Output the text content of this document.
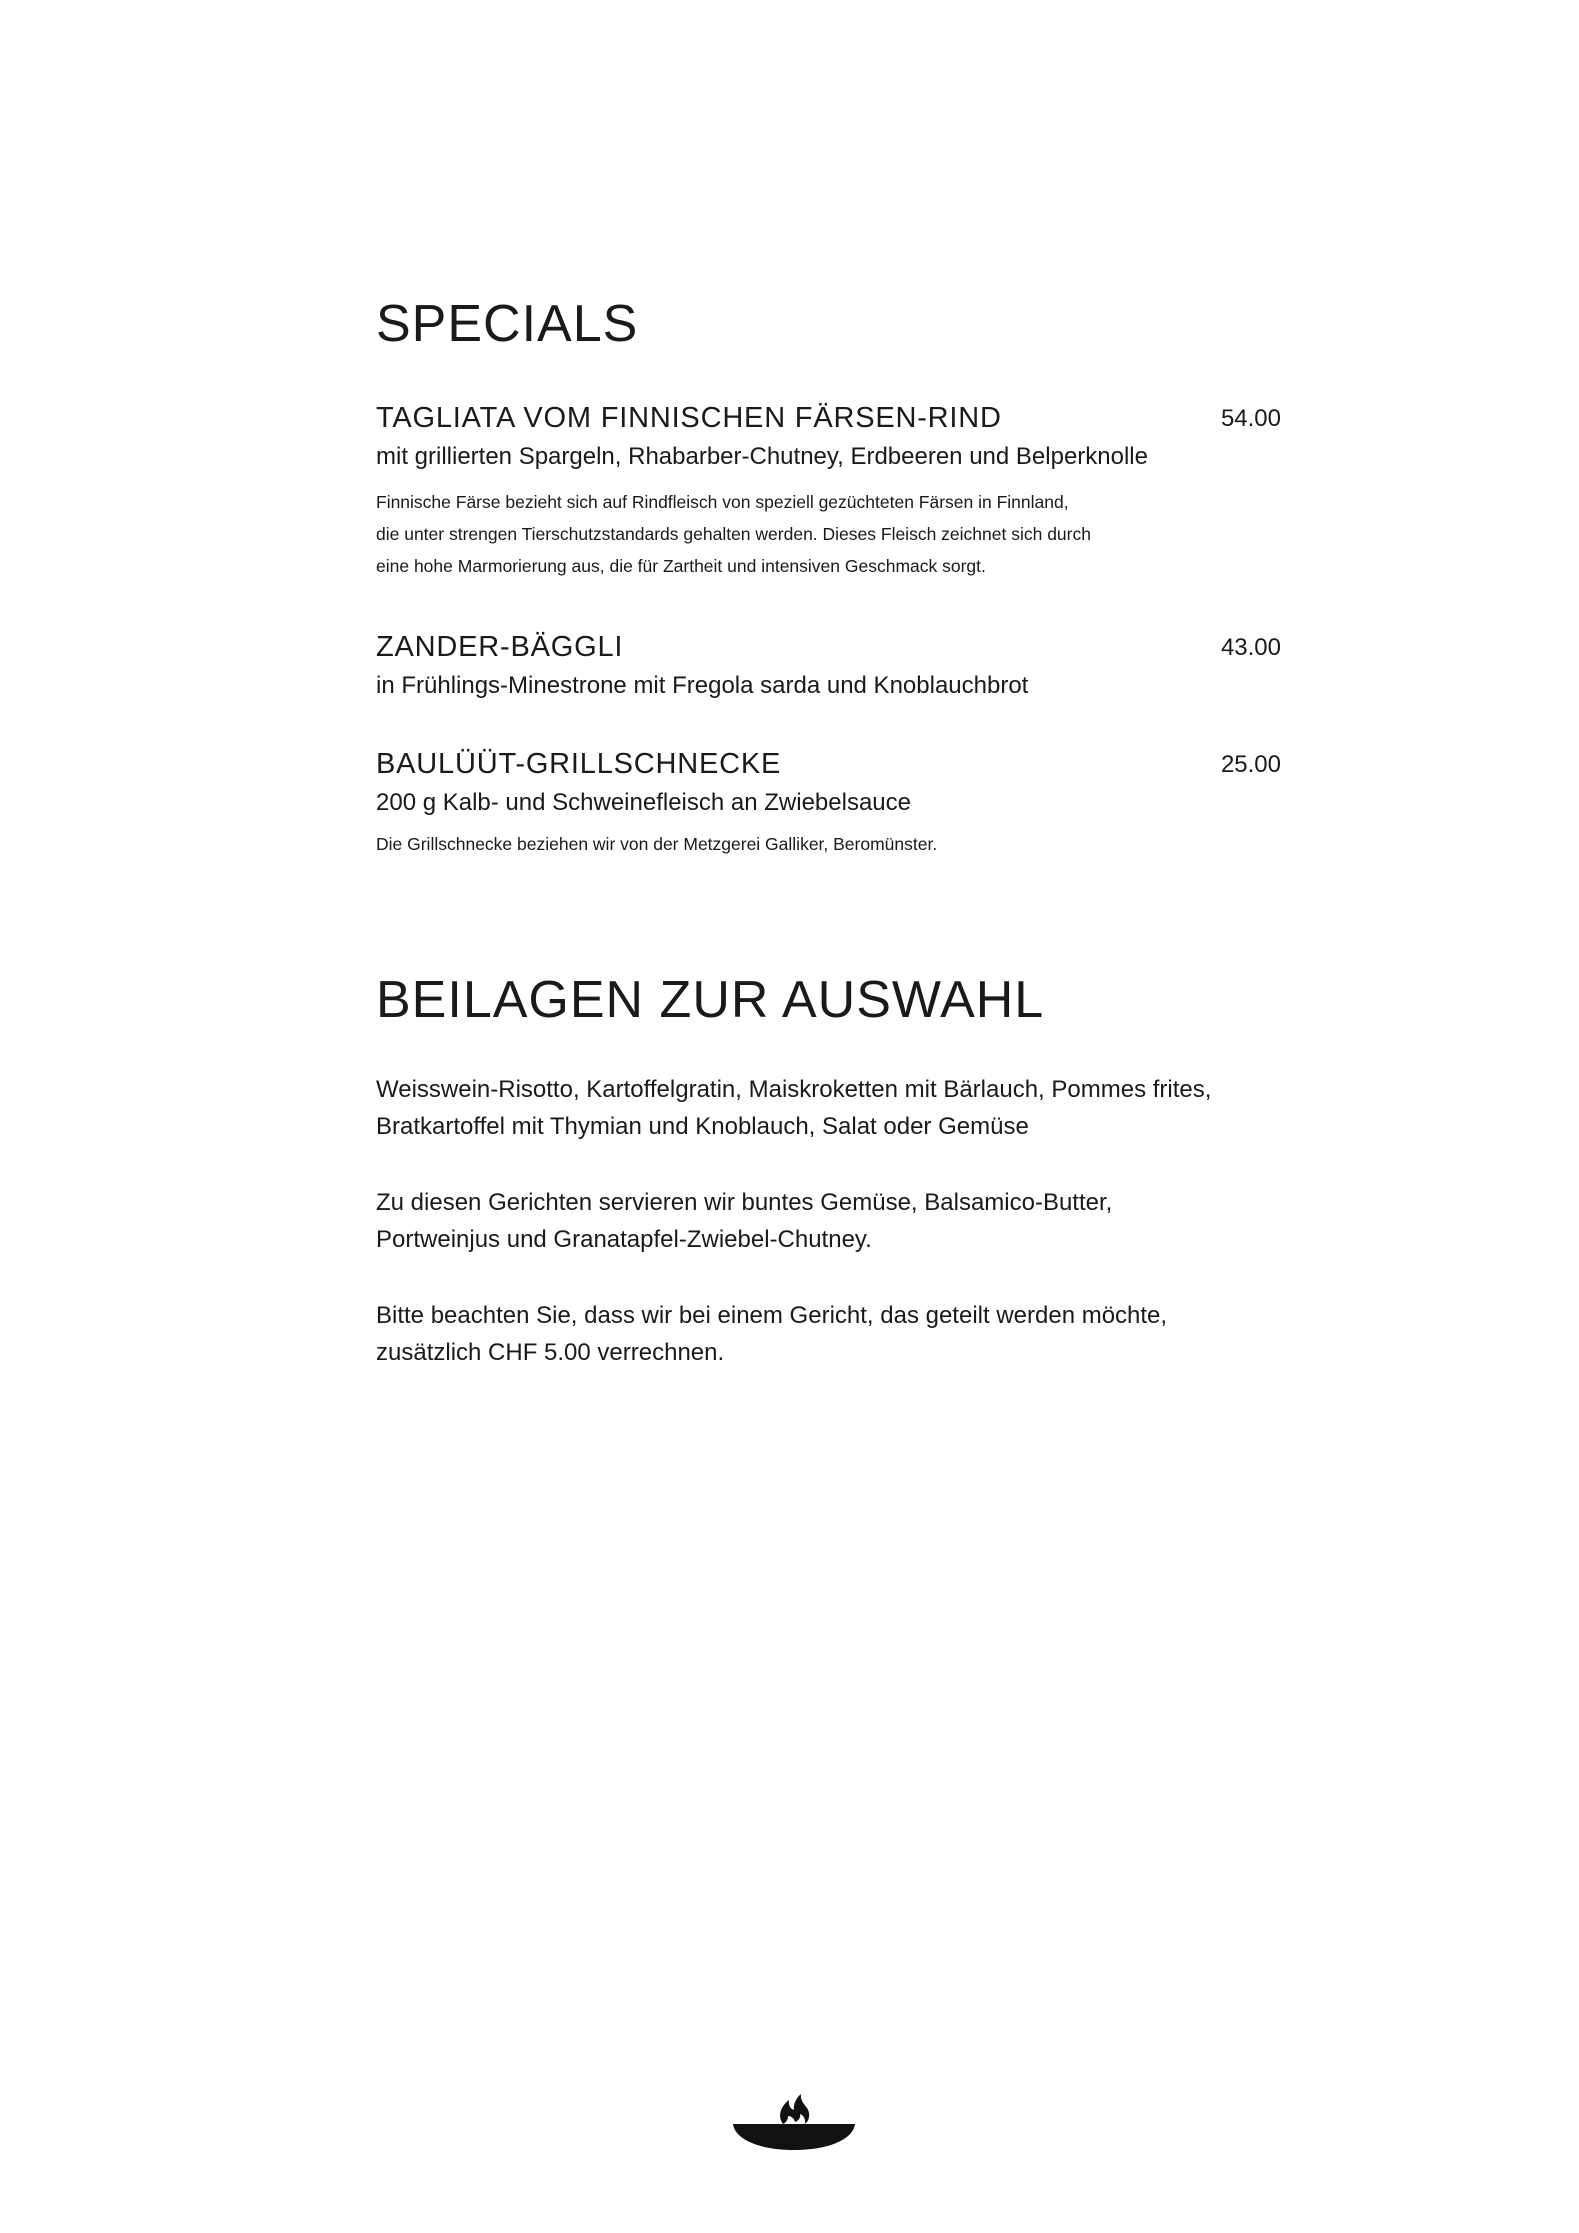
SPECIALS
TAGLIATA VOM FINNISCHEN FÄRSEN-RIND	54.00
mit grillierten Spargeln, Rhabarber-Chutney, Erdbeeren und Belperknolle
Finnische Färse bezieht sich auf Rindfleisch von speziell gezüchteten Färsen in Finnland,
die unter strengen Tierschutzstandards gehalten werden. Dieses Fleisch zeichnet sich durch
eine hohe Marmorierung aus, die für Zartheit und intensiven Geschmack sorgt.
ZANDER-BÄGGLI	43.00
in Frühlings-Minestrone mit Fregola sarda und Knoblauchbrot
BAULÜÜT-GRILLSCHNECKE	25.00
200 g Kalb- und Schweinefleisch an Zwiebelsauce
Die Grillschnecke beziehen wir von der Metzgerei Galliker, Beromünster.
BEILAGEN ZUR AUSWAHL
Weisswein-Risotto, Kartoffelgratin, Maiskroketten mit Bärlauch, Pommes frites,
Bratkartoffel mit Thymian und Knoblauch, Salat oder Gemüse
Zu diesen Gerichten servieren wir buntes Gemüse, Balsamico-Butter,
Portweinjus und Granatapfel-Zwiebel-Chutney.
Bitte beachten Sie, dass wir bei einem Gericht, das geteilt werden möchte,
zusätzlich CHF 5.00 verrechnen.
